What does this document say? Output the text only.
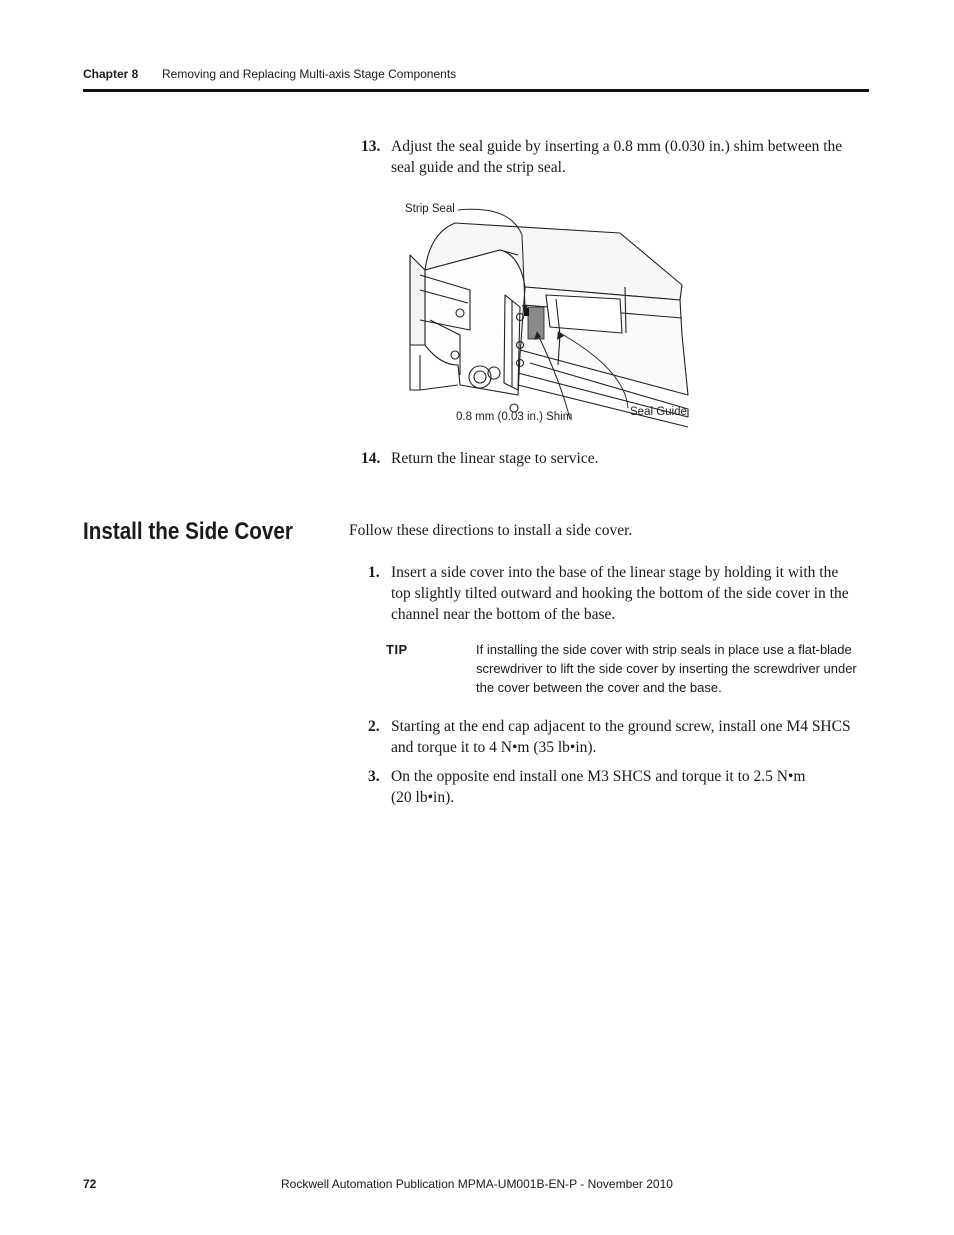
Chapter 8 Removing and Replacing Multi-axis Stage Components
13. Adjust the seal guide by inserting a 0.8 mm (0.030 in.) shim between the
seal guide and the strip seal.
Strip Seal
0.8 mm (0.03 in.) Shim	Seal Guide
14. Return the linear stage to service.
Install the Side Cover	Follow these directions to install a side cover.
1. Insert a side cover into the base of the linear stage by holding it with the
top slightly tilted outward and hooking the bottom of the side cover in the
channel near the bottom of the base.
TIP	If installing the side cover with strip seals in place use a flat-blade
screwdriver to lift the side cover by inserting the screwdriver under
the cover between the cover and the base.
2. Starting at the end cap adjacent to the ground screw, install one M4 SHCS
and torque it to 4 N•m (35 lb•in).
3. On the opposite end install one M3 SHCS and torque it to 2.5 N•m
(20 lb•in).
72	Rockwell Automation Publication MPMA-UM001B-EN-P - November 2010
